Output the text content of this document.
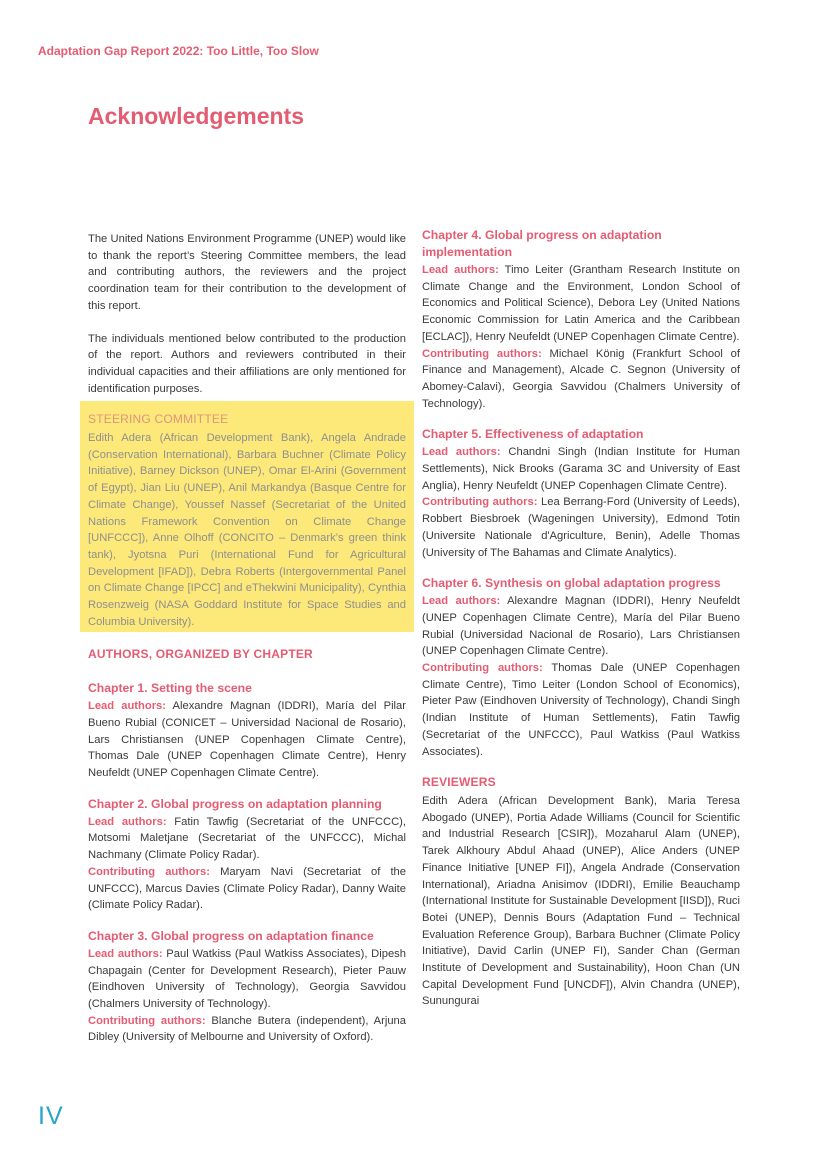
Adaptation Gap Report 2022: Too Little, Too Slow
Acknowledgements

The United Nations Environment Programme (UNEP) would like to thank the report’s Steering Committee members, the lead and contributing authors, the reviewers and the project coordination team for their contribution to the development of this report.

The individuals mentioned below contributed to the production of the report. Authors and reviewers contributed in their individual capacities and their affiliations are only mentioned for identification purposes.

STEERING COMMITTEE

Edith Adera (African Development Bank), Angela Andrade (Conservation International), Barbara Buchner (Climate Policy Initiative), Barney Dickson (UNEP), Omar El-Arini (Government of Egypt), Jian Liu (UNEP), Anil Markandya (Basque Centre for Climate Change), Youssef Nassef (Secretariat of the United Nations Framework Convention on Climate Change [UNFCCC]), Anne Olhoff (CONCITO – Denmark’s green think tank), Jyotsna Puri (International Fund for Agricultural Development [IFAD]), Debra Roberts (Intergovernmental Panel on Climate Change [IPCC] and eThekwini Municipality), Cynthia Rosenzweig (NASA Goddard Institute for Space Studies and Columbia University).

AUTHORS, ORGANIZED BY CHAPTER

Chapter 1. Setting the scene

Lead authors: Alexandre Magnan (IDDRI), María del Pilar Bueno Rubial (CONICET – Universidad Nacional de Rosario), Lars Christiansen (UNEP Copenhagen Climate Centre), Thomas Dale (UNEP Copenhagen Climate Centre), Henry Neufeldt (UNEP Copenhagen Climate Centre).

Chapter 2. Global progress on adaptation planning

Lead authors: Fatin Tawfig (Secretariat of the UNFCCC), Motsomi Maletjane (Secretariat of the UNFCCC), Michal Nachmany (Climate Policy Radar).

Contributing authors: Maryam Navi (Secretariat of the UNFCCC), Marcus Davies (Climate Policy Radar), Danny Waite (Climate Policy Radar).

Chapter 3. Global progress on adaptation finance

Lead authors: Paul Watkiss (Paul Watkiss Associates), Dipesh Chapagain (Center for Development Research), Pieter Pauw (Eindhoven University of Technology), Georgia Savvidou (Chalmers University of Technology).

Contributing authors: Blanche Butera (independent), Arjuna Dibley (University of Melbourne and University of Oxford).

Chapter 4. Global progress on adaptation implementation

Lead authors: Timo Leiter (Grantham Research Institute on Climate Change and the Environment, London School of Economics and Political Science), Debora Ley (United Nations Economic Commission for Latin America and the Caribbean [ECLAC]), Henry Neufeldt (UNEP Copenhagen Climate Centre).

Contributing authors: Michael König (Frankfurt School of Finance and Management), Alcade C. Segnon (University of Abomey-Calavi), Georgia Savvidou (Chalmers University of Technology).

Chapter 5. Effectiveness of adaptation

Lead authors: Chandni Singh (Indian Institute for Human Settlements), Nick Brooks (Garama 3C and University of East Anglia), Henry Neufeldt (UNEP Copenhagen Climate Centre).

Contributing authors: Lea Berrang-Ford (University of Leeds), Robbert Biesbroek (Wageningen University), Edmond Totin (Universite Nationale d'Agriculture, Benin), Adelle Thomas (University of The Bahamas and Climate Analytics).

Chapter 6. Synthesis on global adaptation progress

Lead authors: Alexandre Magnan (IDDRI), Henry Neufeldt (UNEP Copenhagen Climate Centre), María del Pilar Bueno Rubial (Universidad Nacional de Rosario), Lars Christiansen (UNEP Copenhagen Climate Centre).

Contributing authors: Thomas Dale (UNEP Copenhagen Climate Centre), Timo Leiter (London School of Economics), Pieter Paw (Eindhoven University of Technology), Chandi Singh (Indian Institute of Human Settlements), Fatin Tawfig (Secretariat of the UNFCCC), Paul Watkiss (Paul Watkiss Associates).

REVIEWERS

Edith Adera (African Development Bank), Maria Teresa Abogado (UNEP), Portia Adade Williams (Council for Scientific and Industrial Research [CSIR]), Mozaharul Alam (UNEP), Tarek Alkhoury Abdul Ahaad (UNEP), Alice Anders (UNEP Finance Initiative [UNEP FI]), Angela Andrade (Conservation International), Ariadna Anisimov (IDDRI), Emilie Beauchamp (International Institute for Sustainable Development [IISD]), Ruci Botei (UNEP), Dennis Bours (Adaptation Fund – Technical Evaluation Reference Group), Barbara Buchner (Climate Policy Initiative), David Carlin (UNEP FI), Sander Chan (German Institute of Development and Sustainability), Hoon Chan (UN Capital Development Fund [UNCDF]), Alvin Chandra (UNEP), Sunungurai

IV
